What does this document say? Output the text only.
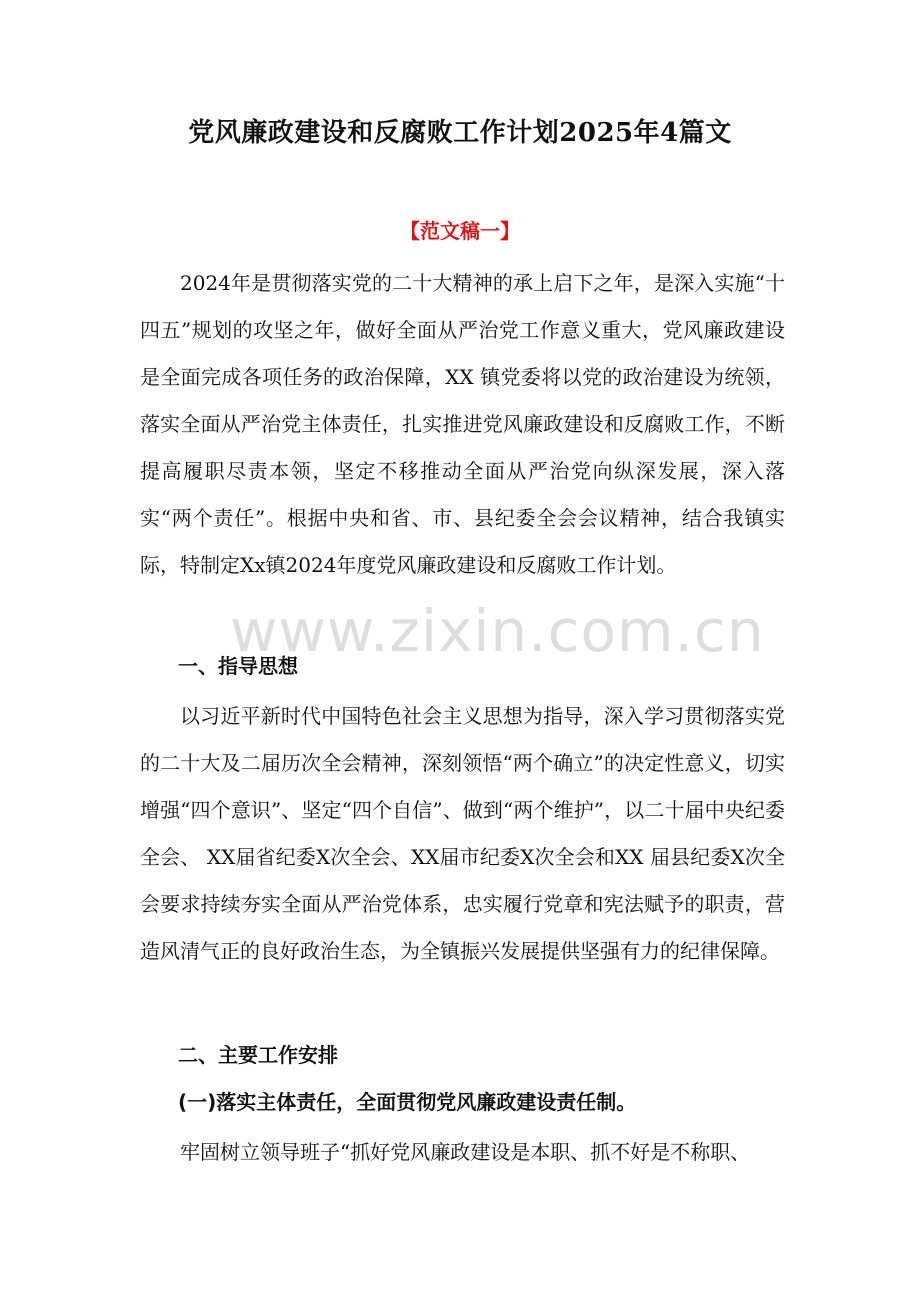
党风廉政建设和反腐败工作计划2025年4篇文
【范文稿一】
2024年是贯彻落实党的二十大精神的承上启下之年，是深入实施“十四五”规划的攻坚之年，做好全面从严治党工作意义重大，党风廉政建设是全面完成各项任务的政治保障，XX 镇党委将以党的政治建设为统领，落实全面从严治党主体责任，扎实推进党风廉政建设和反腐败工作，不断提高履职尽责本领，坚定不移推动全面从严治党向纵深发展，深入落实“两个责任”。根据中央和省、市、县纪委全会会议精神，结合我镇实际，特制定Xx镇2024年度党风廉政建设和反腐败工作计划。
www.zixin.com.cn
一、指导思想
以习近平新时代中国特色社会主义思想为指导，深入学习贯彻落实党的二十大及二届历次全会精神，深刻领悟“两个确立”的决定性意义，切实增强“四个意识”、坚定“四个自信”、做到“两个维护”，以二十届中央纪委全会、 XX届省纪委X次全会、XX届市纪委X次全会和XX 届县纪委X次全会要求持续夯实全面从严治党体系，忠实履行党章和宪法赋予的职责，营造风清气正的良好政治生态，为全镇振兴发展提供坚强有力的纪律保障。
二、主要工作安排
(一)落实主体责任，全面贯彻党风廉政建设责任制。
牢固树立领导班子“抓好党风廉政建设是本职、抓不好是不称职、
